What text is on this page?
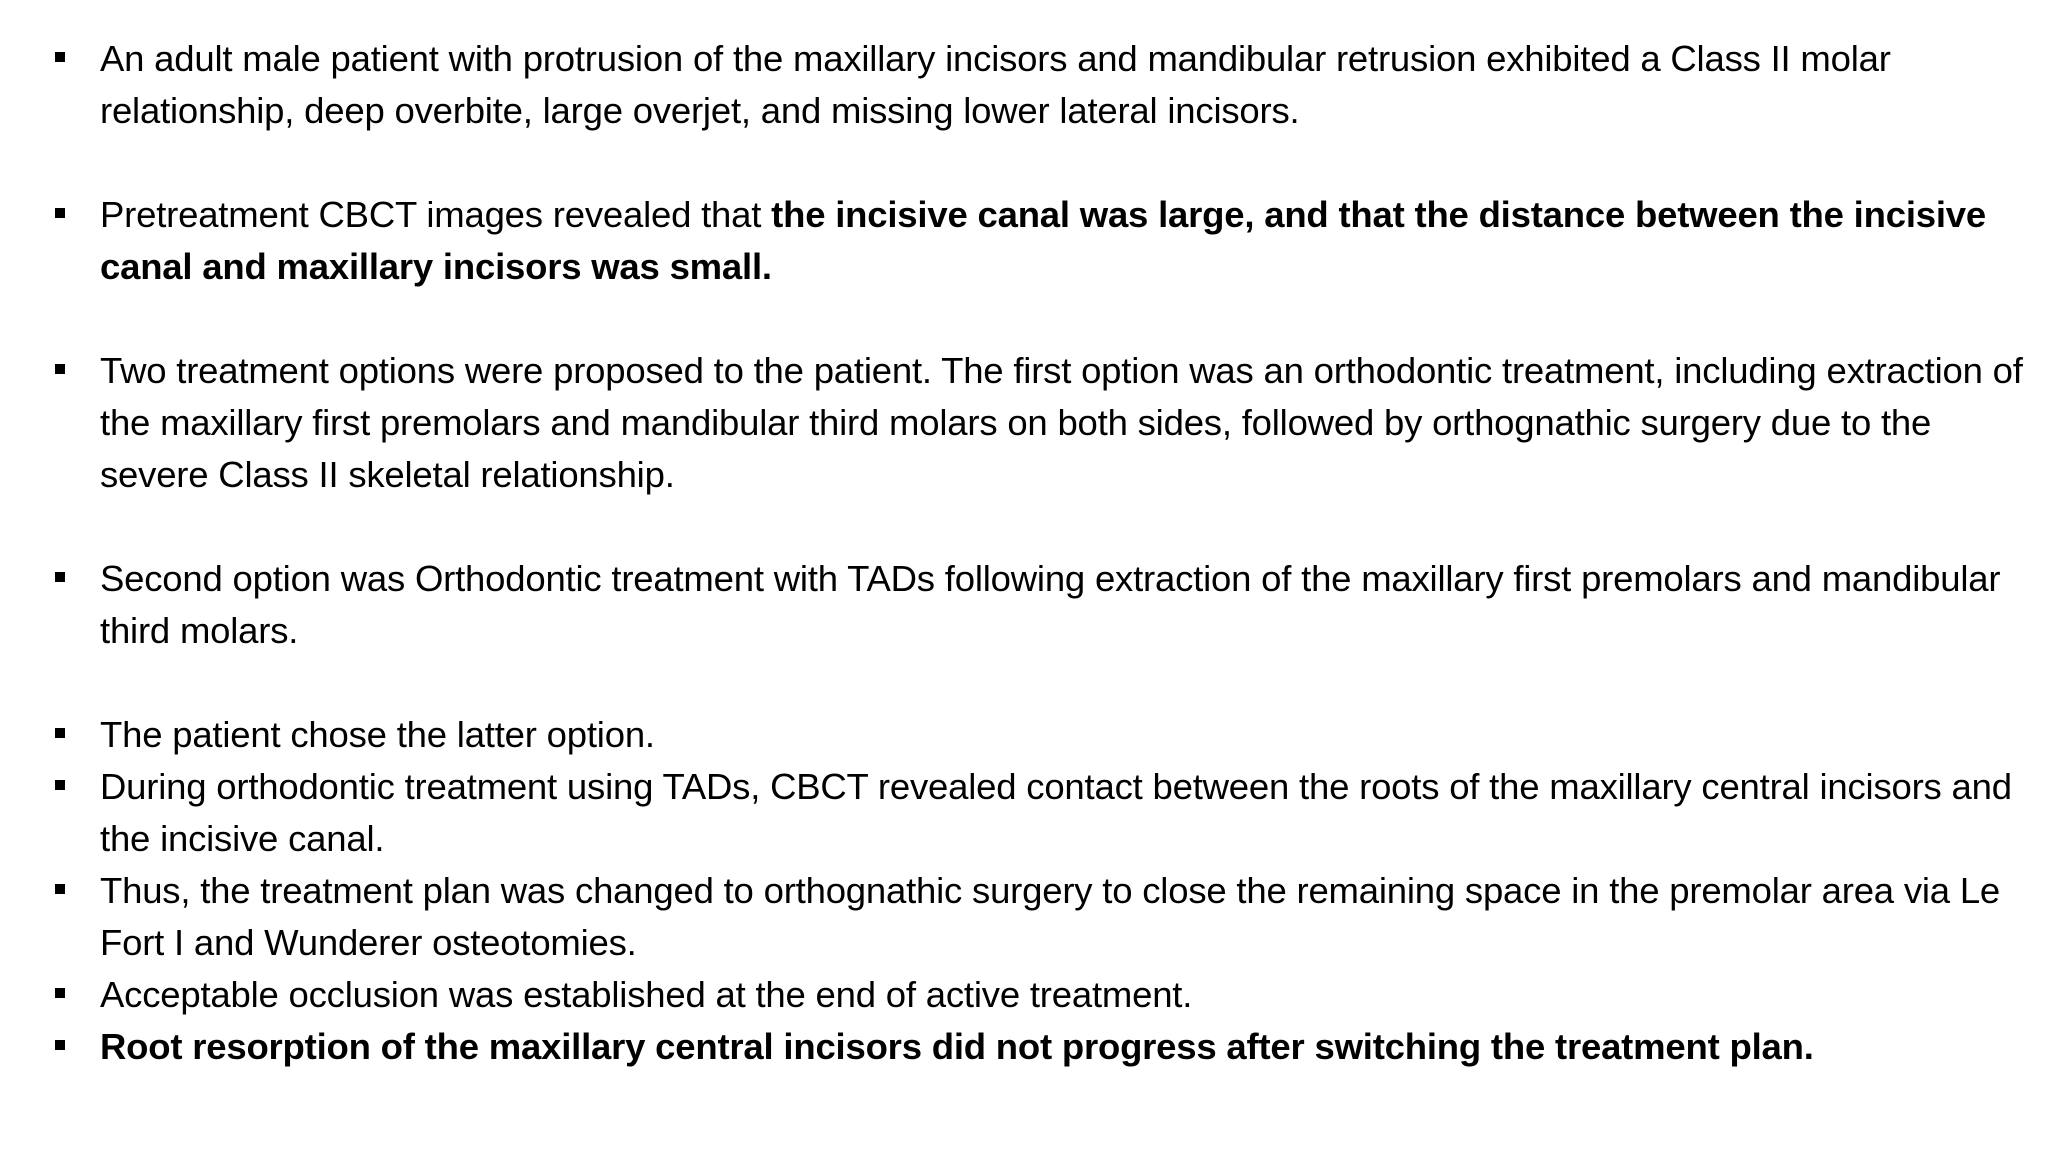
An adult male patient with protrusion of the maxillary incisors and mandibular retrusion exhibited a Class II molar relationship, deep overbite, large overjet, and missing lower lateral incisors.
Pretreatment CBCT images revealed that the incisive canal was large, and that the distance between the incisive canal and maxillary incisors was small.
Two treatment options were proposed to the patient. The first option was an orthodontic treatment, including extraction of the maxillary first premolars and mandibular third molars on both sides, followed by orthognathic surgery due to the severe Class II skeletal relationship.
Second option was Orthodontic treatment with TADs following extraction of the maxillary first premolars and mandibular third molars.
The patient chose the latter option.
During orthodontic treatment using TADs, CBCT revealed contact between the roots of the maxillary central incisors and the incisive canal.
Thus, the treatment plan was changed to orthognathic surgery to close the remaining space in the premolar area via Le Fort I and Wunderer osteotomies.
Acceptable occlusion was established at the end of active treatment.
Root resorption of the maxillary central incisors did not progress after switching the treatment plan.
